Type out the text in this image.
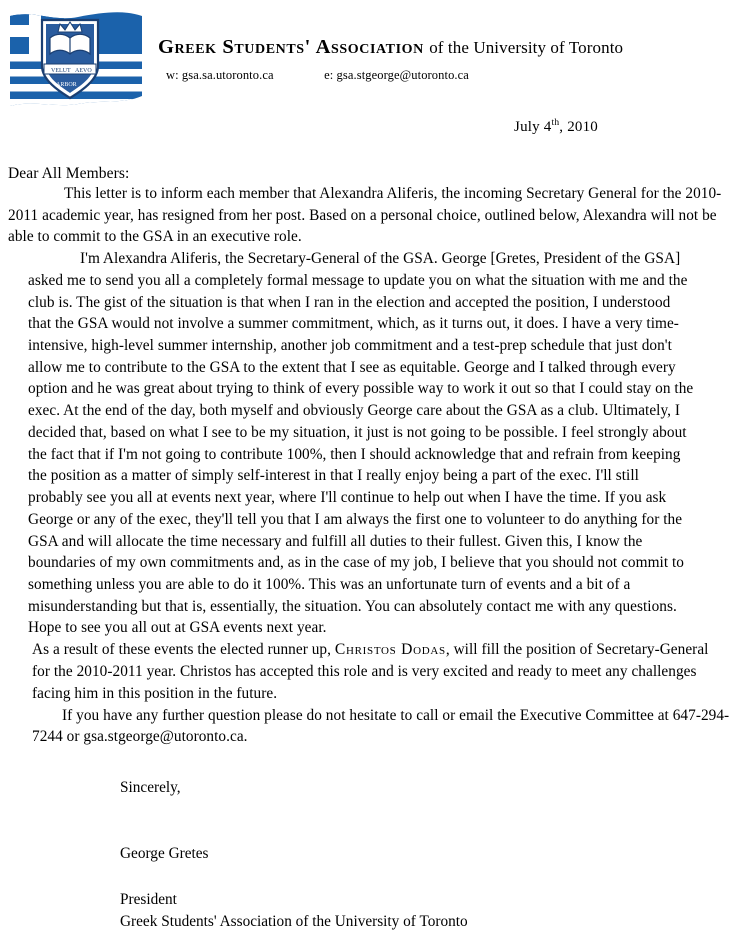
VELUT AEVO
ARBOR
Greek Students' Association of the University of Toronto
w: gsa.sa.utoronto.ca	e: gsa.stgeorge@utoronto.ca
July 4th, 2010
Dear All Members:

This letter is to inform each member that Alexandra Aliferis, the incoming Secretary General for the 2010-2011 academic year, has resigned from her post. Based on a personal choice, outlined below, Alexandra will not be able to commit to the GSA in an executive role.

I'm Alexandra Aliferis, the Secretary-General of the GSA. George [Gretes, President of the GSA] asked me to send you all a completely formal message to update you on what the situation with me and the club is. The gist of the situation is that when I ran in the election and accepted the position, I understood that the GSA would not involve a summer commitment, which, as it turns out, it does. I have a very time-intensive, high-level summer internship, another job commitment and a test-prep schedule that just don't allow me to contribute to the GSA to the extent that I see as equitable. George and I talked through every option and he was great about trying to think of every possible way to work it out so that I could stay on the exec. At the end of the day, both myself and obviously George care about the GSA as a club. Ultimately, I decided that, based on what I see to be my situation, it just is not going to be possible. I feel strongly about the fact that if I'm not going to contribute 100%, then I should acknowledge that and refrain from keeping the position as a matter of simply self-interest in that I really enjoy being a part of the exec. I'll still probably see you all at events next year, where I'll continue to help out when I have the time. If you ask George or any of the exec, they'll tell you that I am always the first one to volunteer to do anything for the GSA and will allocate the time necessary and fulfill all duties to their fullest. Given this, I know the boundaries of my own commitments and, as in the case of my job, I believe that you should not commit to something unless you are able to do it 100%. This was an unfortunate turn of events and a bit of a misunderstanding but that is, essentially, the situation. You can absolutely contact me with any questions. Hope to see you all out at GSA events next year.

As a result of these events the elected runner up, Christos Dodas, will fill the position of Secretary-General for the 2010-2011 year. Christos has accepted this role and is very excited and ready to meet any challenges facing him in this position in the future.

If you have any further question please do not hesitate to call or email the Executive Committee at 647-294-7244 or gsa.stgeorge@utoronto.ca.

Sincerely,
George Gretes
President
Greek Students' Association of the University of Toronto
